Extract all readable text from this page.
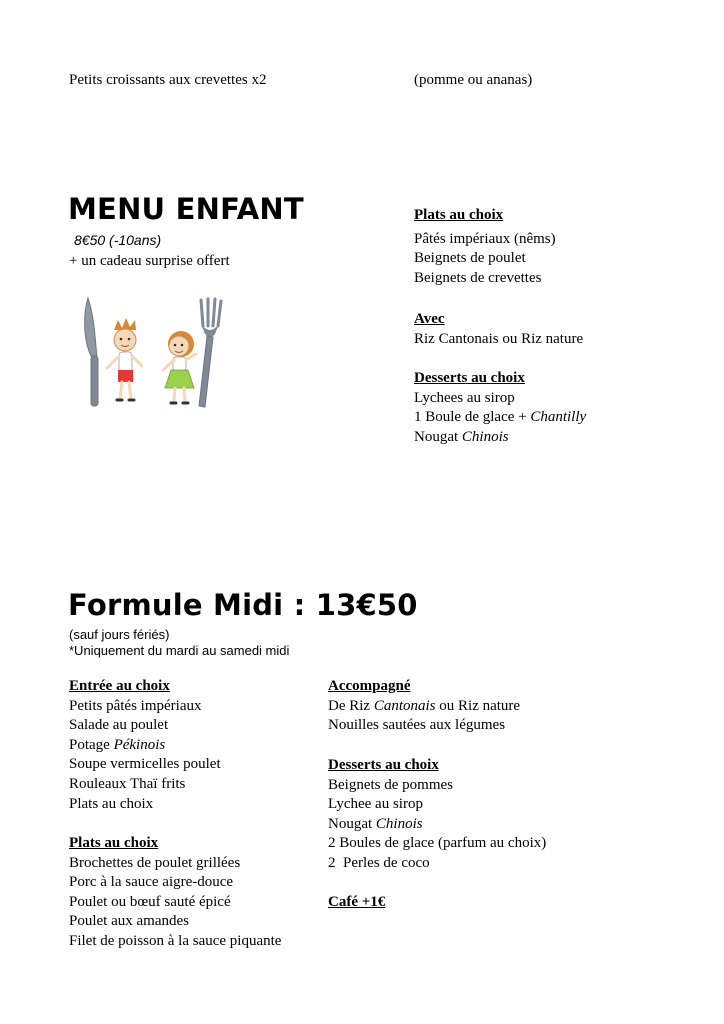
Petits croissants aux crevettes x2	(pomme ou ananas)
MENU ENFANT
8€50 (-10ans)
+ un cadeau surprise offert
Plats au choix
Pâtés impériaux (nêms)
Beignets de poulet
Beignets de crevettes
Avec
Riz Cantonais ou Riz nature
Desserts au choix
Lychees au sirop
1 Boule de glace + Chantilly
Nougat Chinois
Formule Midi : 13€50
(sauf jours fériés)
*Uniquement du mardi au samedi midi
Entrée au choix
Petits pâtés impériaux
Salade au poulet
Potage Pékinois
Soupe vermicelles poulet
Rouleaux Thaï frits
Plats au choix
Plats au choix
Brochettes de poulet grillées
Porc à la sauce aigre-douce
Poulet ou bœuf sauté épicé
Poulet aux amandes
Filet de poisson à la sauce piquante
Accompagné
De Riz Cantonais ou Riz nature
Nouilles sautées aux légumes
Desserts au choix
Beignets de pommes
Lychee au sirop
Nougat Chinois
2 Boules de glace (parfum au choix)
2  Perles de coco
Café +1€
